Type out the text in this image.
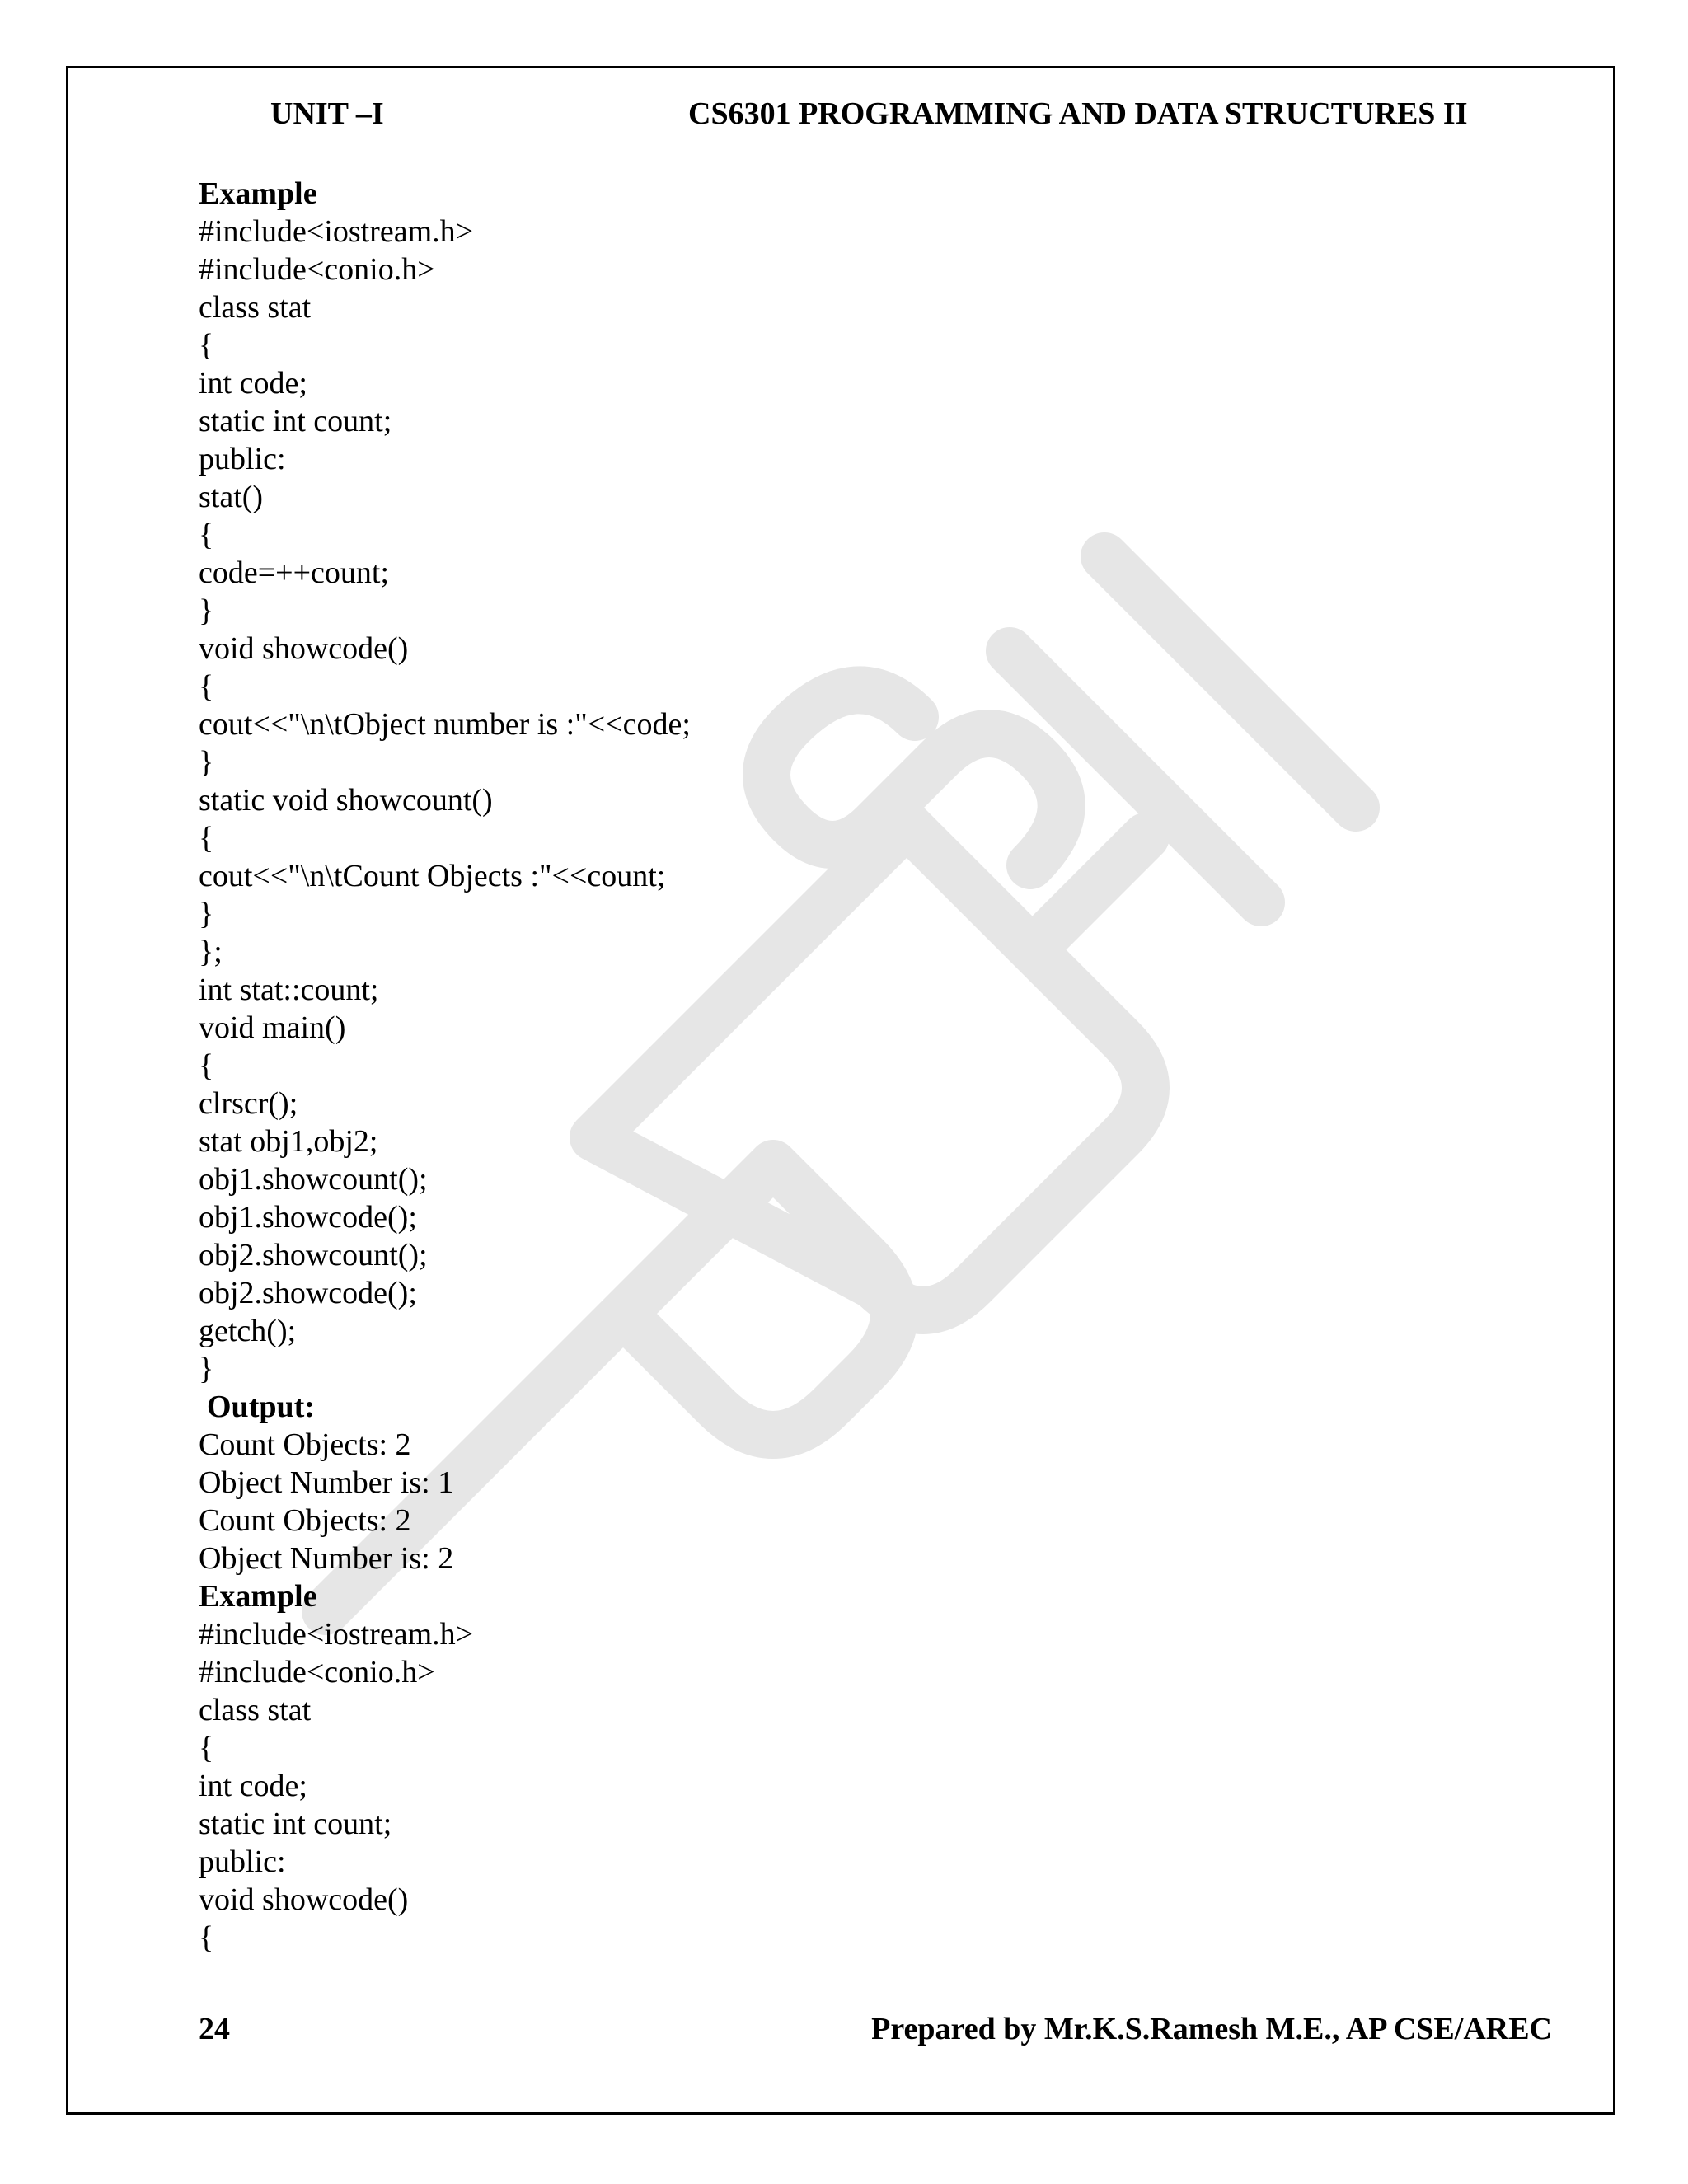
UNIT –I	CS6301 PROGRAMMING AND DATA STRUCTURES II
Example
#include<iostream.h>
#include<conio.h>
class stat
{
int code;
static int count;
public:
stat()
{
code=++count;
}
void showcode()
{
cout<<"\n\tObject number is :"<<code;
}
static void showcount()
{
cout<<"\n\tCount Objects :"<<count;
}
};
int stat::count;
void main()
{
clrscr();
stat obj1,obj2;
obj1.showcount();
obj1.showcode();
obj2.showcount();
obj2.showcode();
getch();
}
Output:
Count Objects: 2
Object Number is: 1
Count Objects: 2
Object Number is: 2
Example
#include<iostream.h>
#include<conio.h>
class stat
{
int code;
static int count;
public:
void showcode()
{
24	Prepared by Mr.K.S.Ramesh M.E., AP CSE/AREC
